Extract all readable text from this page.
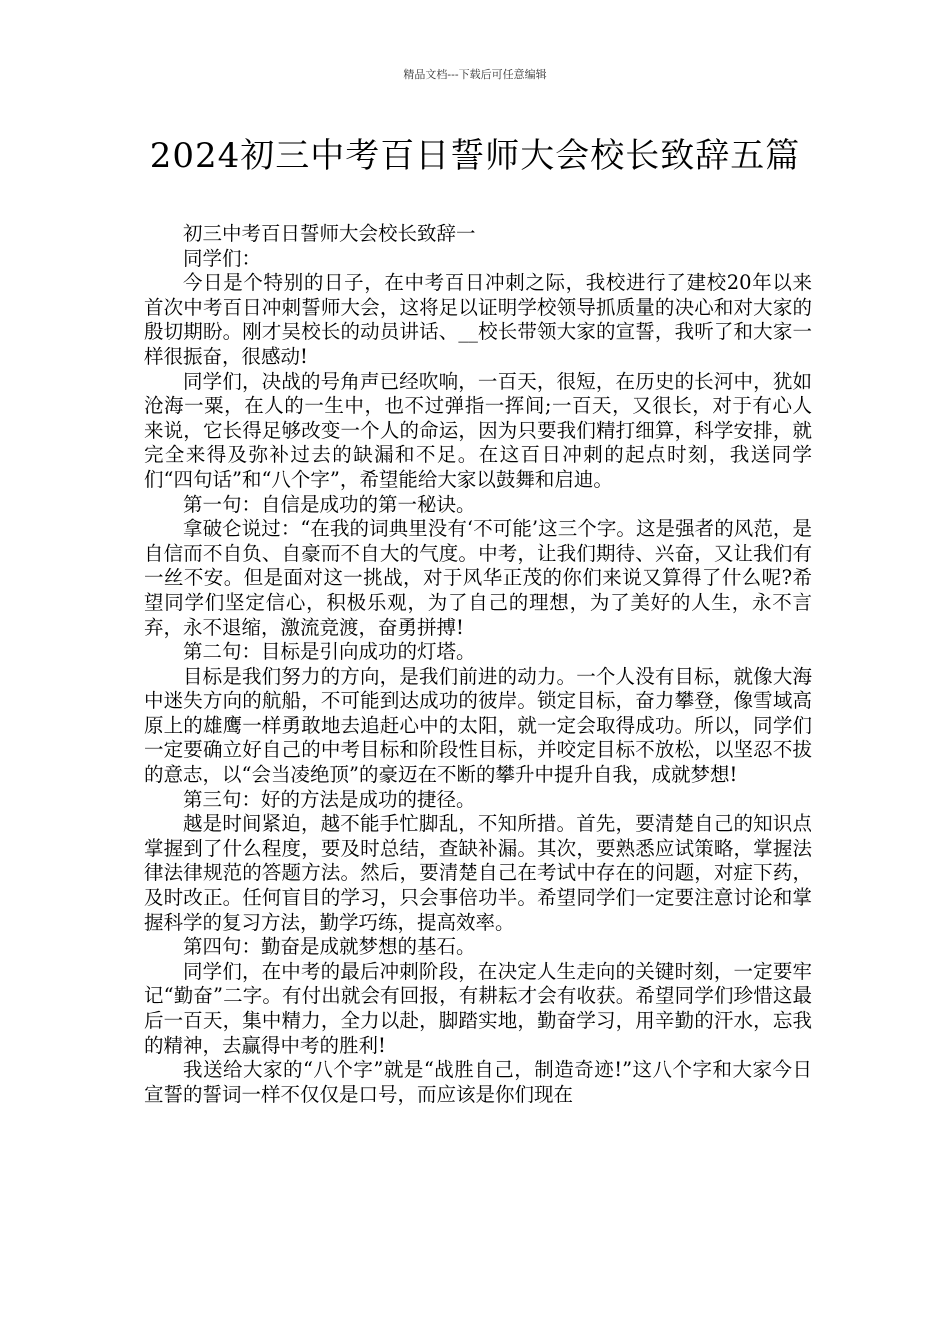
精品文档---下载后可任意编辑
2024初三中考百日誓师大会校长致辞五篇

初三中考百日誓师大会校长致辞一

同学们：

今日是个特别的日子，在中考百日冲刺之际，我校进行了建校20年以来首次中考百日冲刺誓师大会，这将足以证明学校领导抓质量的决心和对大家的殷切期盼。刚才吴校长的动员讲话、__校长带领大家的宣誓，我听了和大家一样很振奋，很感动!

同学们，决战的号角声已经吹响，一百天，很短，在历史的长河中，犹如沧海一粟，在人的一生中，也不过弹指一挥间;一百天，又很长，对于有心人来说，它长得足够改变一个人的命运，因为只要我们精打细算，科学安排，就完全来得及弥补过去的缺漏和不足。在这百日冲刺的起点时刻，我送同学们“四句话”和“八个字”，希望能给大家以鼓舞和启迪。

第一句：自信是成功的第一秘诀。

拿破仑说过：“在我的词典里没有‘不可能’这三个字。这是强者的风范，是自信而不自负、自豪而不自大的气度。中考，让我们期待、兴奋，又让我们有一丝不安。但是面对这一挑战，对于风华正茂的你们来说又算得了什么呢?希望同学们坚定信心，积极乐观，为了自己的理想，为了美好的人生，永不言弃，永不退缩，激流竞渡，奋勇拼搏!

第二句：目标是引向成功的灯塔。

目标是我们努力的方向，是我们前进的动力。一个人没有目标，就像大海中迷失方向的航船，不可能到达成功的彼岸。锁定目标，奋力攀登，像雪域高原上的雄鹰一样勇敢地去追赶心中的太阳，就一定会取得成功。所以，同学们一定要确立好自己的中考目标和阶段性目标，并咬定目标不放松，以坚忍不拔的意志，以“会当凌绝顶”的豪迈在不断的攀升中提升自我，成就梦想!

第三句：好的方法是成功的捷径。

越是时间紧迫，越不能手忙脚乱，不知所措。首先，要清楚自己的知识点掌握到了什么程度，要及时总结，查缺补漏。其次，要熟悉应试策略，掌握法律法律规范的答题方法。然后，要清楚自己在考试中存在的问题，对症下药，及时改正。任何盲目的学习，只会事倍功半。希望同学们一定要注意讨论和掌握科学的复习方法，勤学巧练，提高效率。

第四句：勤奋是成就梦想的基石。

同学们，在中考的最后冲刺阶段，在决定人生走向的关键时刻，一定要牢记“勤奋”二字。有付出就会有回报，有耕耘才会有收获。希望同学们珍惜这最后一百天，集中精力，全力以赴，脚踏实地，勤奋学习，用辛勤的汗水，忘我的精神，去赢得中考的胜利!

我送给大家的“八个字”就是“战胜自己，制造奇迹!”这八个字和大家今日宣誓的誓词一样不仅仅是口号，而应该是你们现在
